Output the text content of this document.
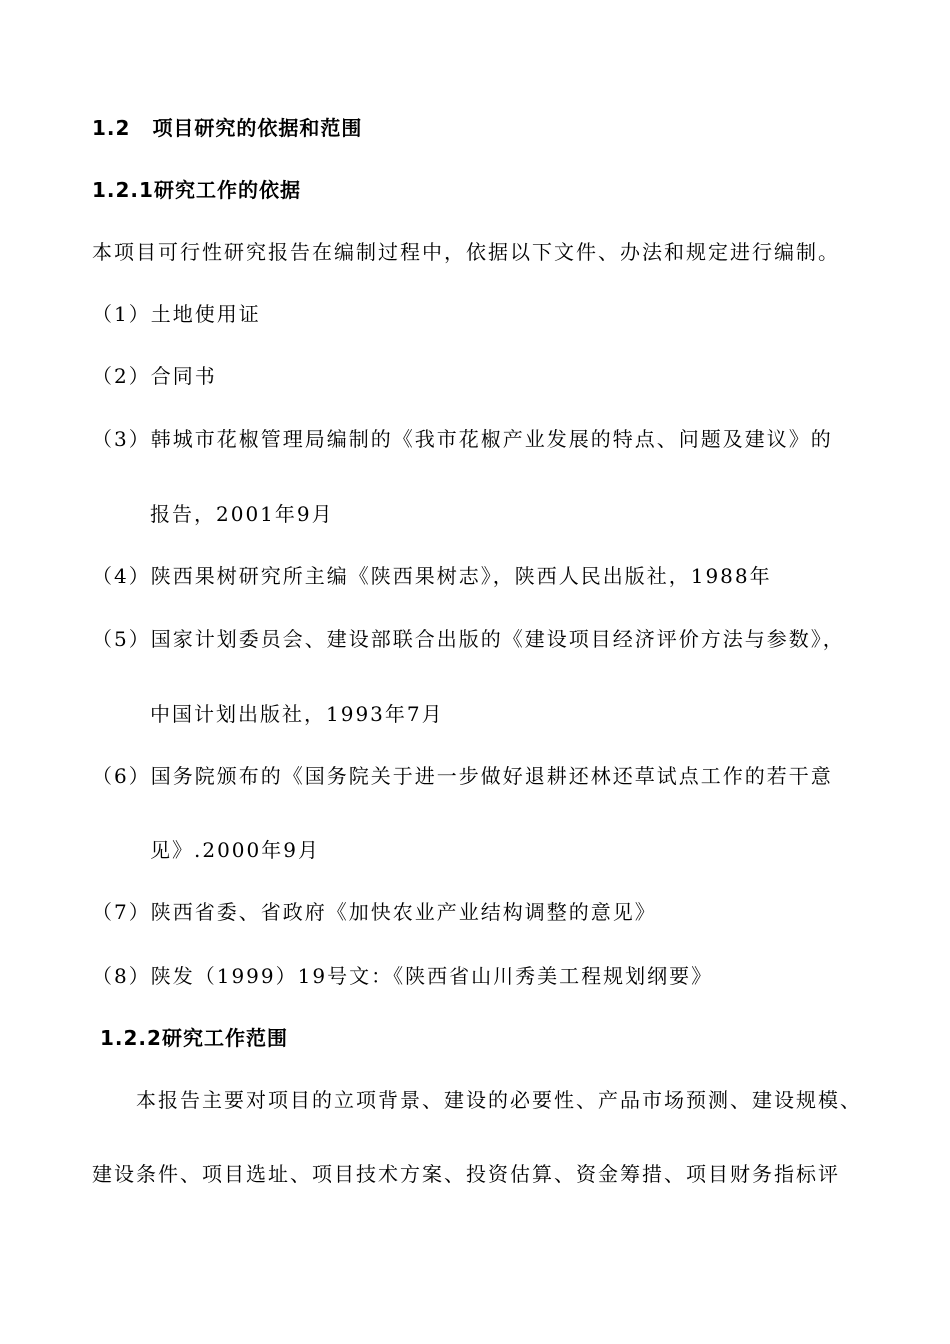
1.2 项目研究的依据和范围
1.2.1研究工作的依据
本项目可行性研究报告在编制过程中，依据以下文件、办法和规定进行编制。
（1）土地使用证
（2）合同书
（3）韩城市花椒管理局编制的《我市花椒产业发展的特点、问题及建议》的
报告，2001年9月
（4）陕西果树研究所主编《陕西果树志》，陕西人民出版社，1988年
（5）国家计划委员会、建设部联合出版的《建设项目经济评价方法与参数》，
中国计划出版社，1993年7月
（6）国务院颁布的《国务院关于进一步做好退耕还林还草试点工作的若干意
见》.2000年9月
（7）陕西省委、省政府《加快农业产业结构调整的意见》
（8）陕发（1999）19号文：《陕西省山川秀美工程规划纲要》
1.2.2研究工作范围
本报告主要对项目的立项背景、建设的必要性、产品市场预测、建设规模、
建设条件、项目选址、项目技术方案、投资估算、资金筹措、项目财务指标评
